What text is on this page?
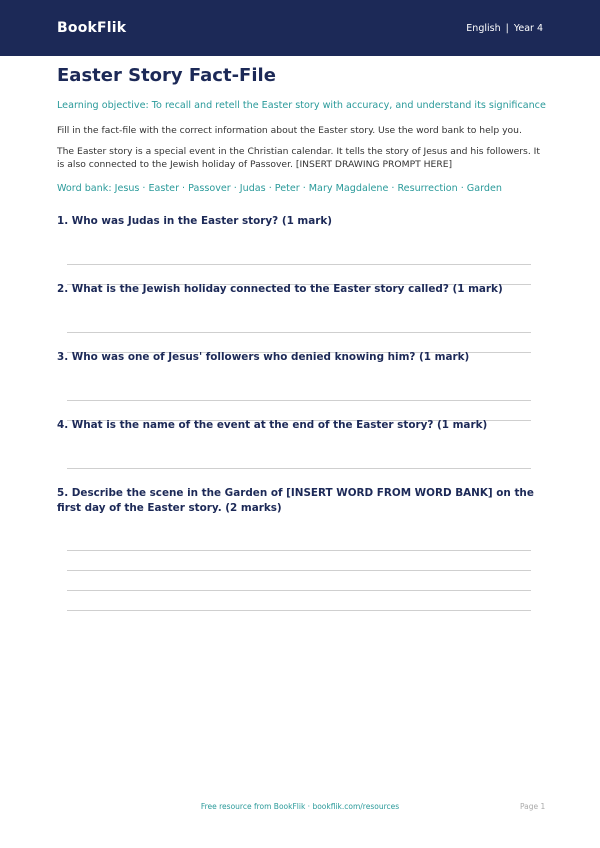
BookFlik	English | Year 4
Easter Story Fact-File

Learning objective: To recall and retell the Easter story with accuracy, and understand its significance

Fill in the fact-file with the correct information about the Easter story. Use the word bank to help you.

The Easter story is a special event in the Christian calendar. It tells the story of Jesus and his followers. It is also connected to the Jewish holiday of Passover. [INSERT DRAWING PROMPT HERE]

Word bank: Jesus · Easter · Passover · Judas · Peter · Mary Magdalene · Resurrection · Garden

1. Who was Judas in the Easter story? (1 mark)

2. What is the Jewish holiday connected to the Easter story called? (1 mark)

3. Who was one of Jesus' followers who denied knowing him? (1 mark)

4. What is the name of the event at the end of the Easter story? (1 mark)

5. Describe the scene in the Garden of [INSERT WORD FROM WORD BANK] on the first day of the Easter story. (2 marks)

Free resource from BookFlik · bookflik.com/resources	Page 1
